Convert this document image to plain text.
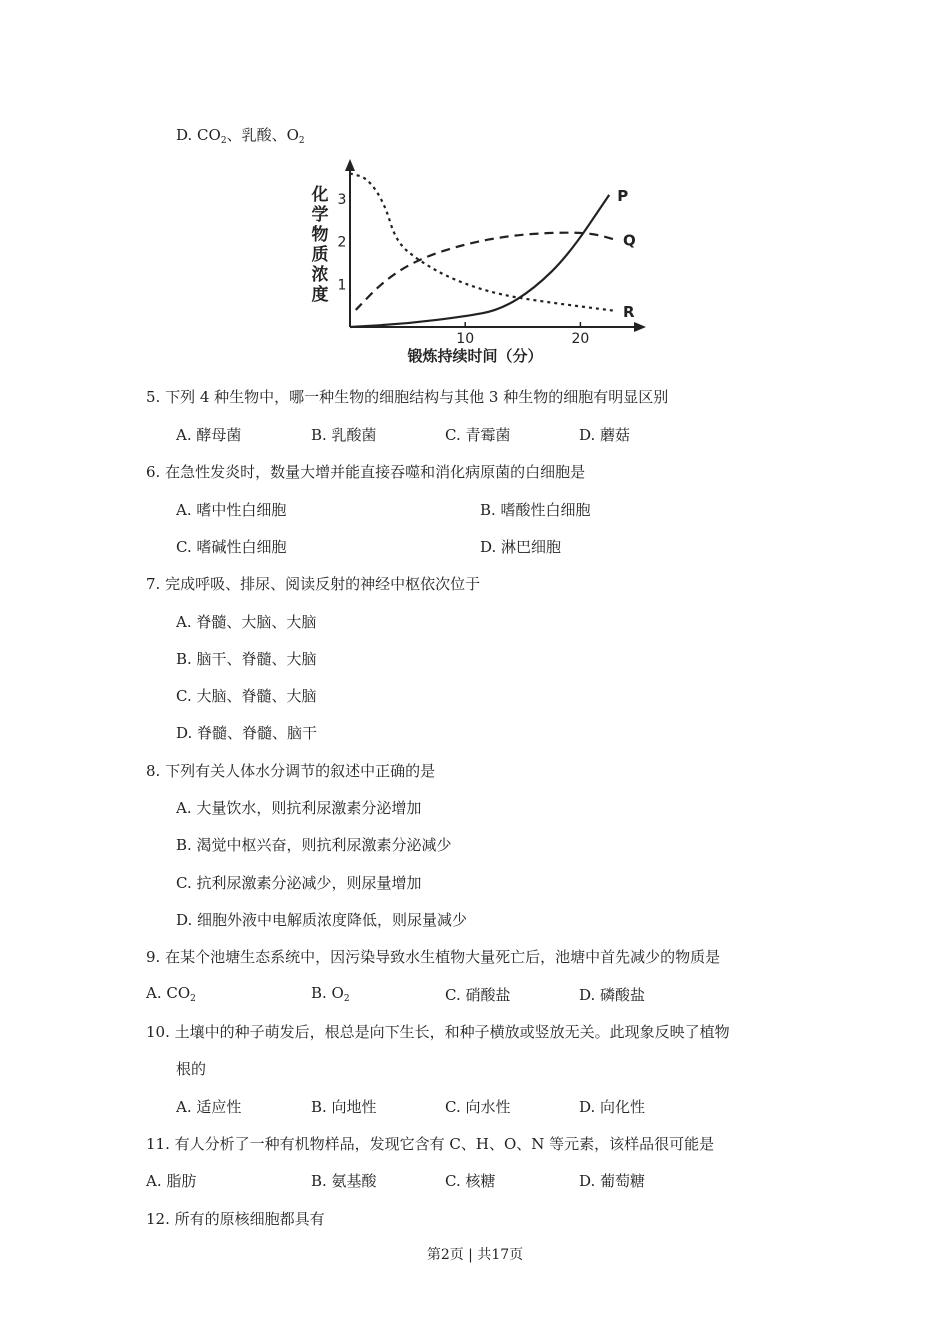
D. $CO_2$、乳酸、$O_2$
化
学
物
质
浓
度 1
2
3
10	20
P
Q
R
锻炼持续时间（分）
5. 下列 4 种生物中，哪一种生物的细胞结构与其他 3 种生物的细胞有明显区别
A. 酵母菌	B. 乳酸菌	C. 青霉菌	D. 蘑菇
6. 在急性发炎时，数量大增并能直接吞噬和消化病原菌的白细胞是
A. 嗜中性白细胞	B. 嗜酸性白细胞
C. 嗜碱性白细胞	D. 淋巴细胞
7. 完成呼吸、排尿、阅读反射的神经中枢依次位于
A. 脊髓、大脑、大脑
B. 脑干、脊髓、大脑
C. 大脑、脊髓、大脑
D. 脊髓、脊髓、脑干
8. 下列有关人体水分调节的叙述中正确的是
A. 大量饮水，则抗利尿激素分泌增加
B. 渴觉中枢兴奋，则抗利尿激素分泌减少
C. 抗利尿激素分泌减少，则尿量增加
D. 细胞外液中电解质浓度降低，则尿量减少
9. 在某个池塘生态系统中，因污染导致水生植物大量死亡后，池塘中首先减少的物质是
A. $CO_2$	B. $O_2$	C. 硝酸盐	D. 磷酸盐
10. 土壤中的种子萌发后，根总是向下生长，和种子横放或竖放无关。此现象反映了植物
根的
A. 适应性	B. 向地性	C. 向水性	D. 向化性
11. 有人分析了一种有机物样品，发现它含有 C、H、O、N 等元素，该样品很可能是
A. 脂肪	B. 氨基酸	C. 核糖	D. 葡萄糖
12. 所有的原核细胞都具有
第2页 | 共17页
